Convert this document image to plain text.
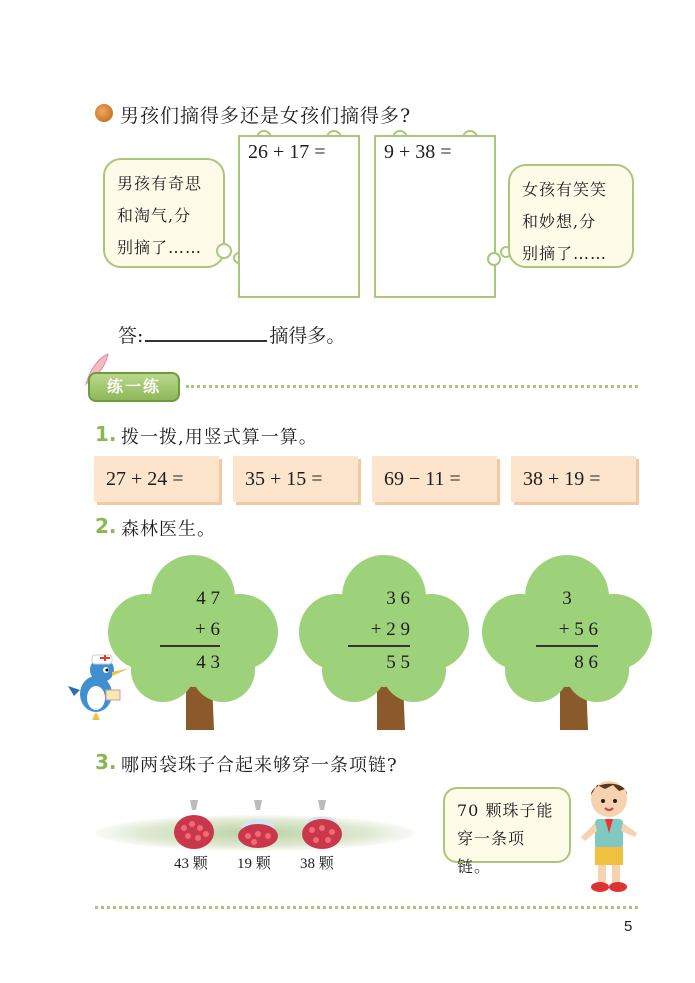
男孩们摘得多还是女孩们摘得多?
男孩有奇思
和淘气,分
别摘了……
26 + 17 =	9 + 38 =
女孩有笑笑
和妙想,分
别摘了……
答:	摘得多。
练一练
1. 拨一拨,用竖式算一算。
27 + 24 =	35 + 15 =	69 − 11 =	38 + 19 =
2. 森林医生。
4 7
+ 6
4 3
3 6
+ 2 9
5 5
3
+ 5 6
8 6
3. 哪两袋珠子合起来够穿一条项链?
43 颗 19 颗 38 颗
70 颗珠子能
穿一条项链。
5
